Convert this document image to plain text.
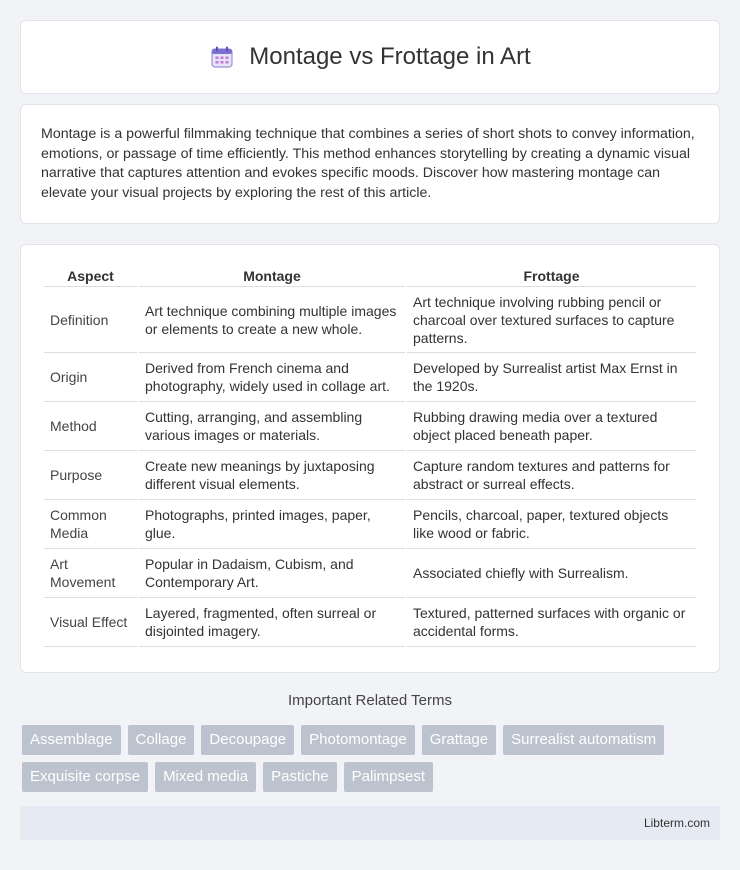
Montage vs Frottage in Art

Montage is a powerful filmmaking technique that combines a series of short shots to convey information, emotions, or passage of time efficiently. This method enhances storytelling by creating a dynamic visual narrative that captures attention and evokes specific moods. Discover how mastering montage can elevate your visual projects by exploring the rest of this article.

Aspect	Montage	Frottage
Definition	Art technique combining multiple images or elements to create a new whole.	Art technique involving rubbing pencil or charcoal over textured surfaces to capture patterns.
Origin	Derived from French cinema and photography, widely used in collage art.	Developed by Surrealist artist Max Ernst in the 1920s.
Method	Cutting, arranging, and assembling various images or materials.	Rubbing drawing media over a textured object placed beneath paper.
Purpose	Create new meanings by juxtaposing different visual elements.	Capture random textures and patterns for abstract or surreal effects.
Common Media	Photographs, printed images, paper, glue.	Pencils, charcoal, paper, textured objects like wood or fabric.
Art Movement	Popular in Dadaism, Cubism, and Contemporary Art.	Associated chiefly with Surrealism.
Visual Effect	Layered, fragmented, often surreal or disjointed imagery.	Textured, patterned surfaces with organic or accidental forms.
Important Related Terms
Assemblage	Collage	Decoupage	Photomontage	Grattage	Surrealist automatism
Exquisite corpse	Mixed media	Pastiche	Palimpsest
Libterm.com
